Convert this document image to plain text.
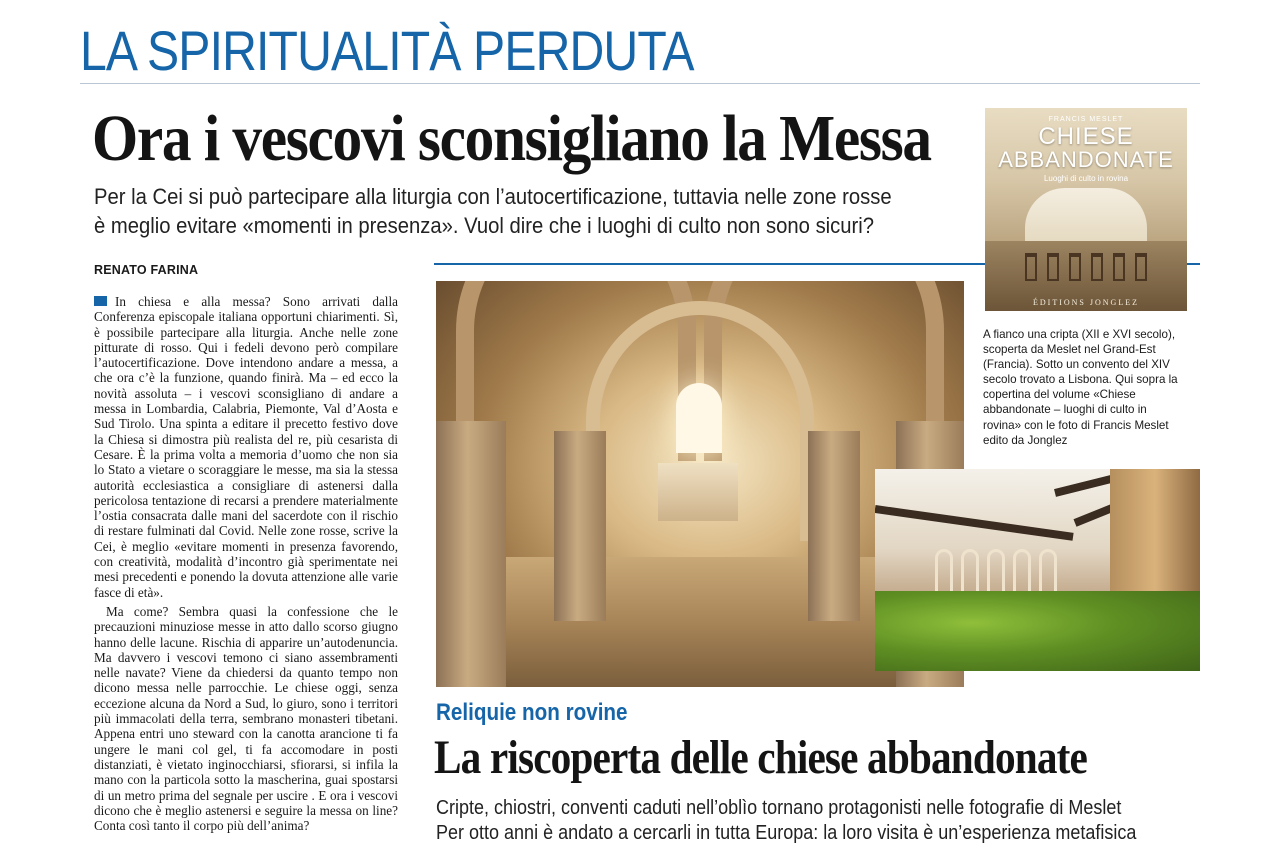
LA SPIRITUALITÀ PERDUTA
Ora i vescovi sconsigliano la Messa
Per la Cei si può partecipare alla liturgia con l’autocertificazione, tuttavia nelle zone rosse
è meglio evitare «momenti in presenza». Vuol dire che i luoghi di culto non sono sicuri?
RENATO FARINA

In chiesa e alla messa? Sono arrivati dalla Conferenza episcopale italiana opportuni chiarimenti. Sì, è possibile partecipare alla liturgia. Anche nelle zone pitturate di rosso. Qui i fedeli devono però compilare l’autocertificazione. Dove intendono andare a messa, a che ora c’è la funzione, quando finirà. Ma – ed ecco la novità assoluta – i vescovi sconsigliano di andare a messa in Lombardia, Calabria, Piemonte, Val d’Aosta e Sud Tirolo. Una spinta a editare il precetto festivo dove la Chiesa si dimostra più realista del re, più cesarista di Cesare. È la prima volta a memoria d’uomo che non sia lo Stato a vietare o scoraggiare le messe, ma sia la stessa autorità ecclesiastica a consigliare di astenersi dalla pericolosa tentazione di recarsi a prendere materialmente l’ostia consacrata dalle mani del sacerdote con il rischio di restare fulminati dal Covid. Nelle zone rosse, scrive la Cei, è meglio «evitare momenti in presenza favorendo, con creatività, modalità d’incontro già sperimentate nei mesi precedenti e ponendo la dovuta attenzione alle varie fasce di età».

Ma come? Sembra quasi la confessione che le precauzioni minuziose messe in atto dallo scorso giugno hanno delle lacune. Rischia di apparire un’autodenuncia. Ma davvero i vescovi temono ci siano assembramenti nelle navate? Viene da chiedersi da quanto tempo non dicono messa nelle parrocchie. Le chiese oggi, senza eccezione alcuna da Nord a Sud, lo giuro, sono i territori più immacolati della terra, sembrano monasteri tibetani. Appena entri uno steward con la canotta arancione ti fa ungere le mani col gel, ti fa accomodare in posti distanziati, è vietato inginocchiarsi, sfiorarsi, si infila la mano con la particola sotto la mascherina, guai spostarsi di un metro prima del segnale per uscire . E ora i vescovi dicono che è meglio astenersi e seguire la messa on line? Conta così tanto il corpo più dell’anima?

FRANCIS MESLET
CHIESE
ABBANDONATE
Luoghi di culto in rovina
ÉDITIONS JONGLEZ
A fianco una cripta (XII e XVI secolo),
scoperta da Meslet nel Grand-Est
(Francia). Sotto un convento del XIV
secolo trovato a Lisbona. Qui sopra la
copertina del volume «Chiese
abbandonate – luoghi di culto in
rovina» con le foto di Francis Meslet
edito da Jonglez
Reliquie non rovine
La riscoperta delle chiese abbandonate
Cripte, chiostri, conventi caduti nell’oblìo tornano protagonisti nelle fotografie di Meslet
Per otto anni è andato a cercarli in tutta Europa: la loro visita è un’esperienza metafisica
